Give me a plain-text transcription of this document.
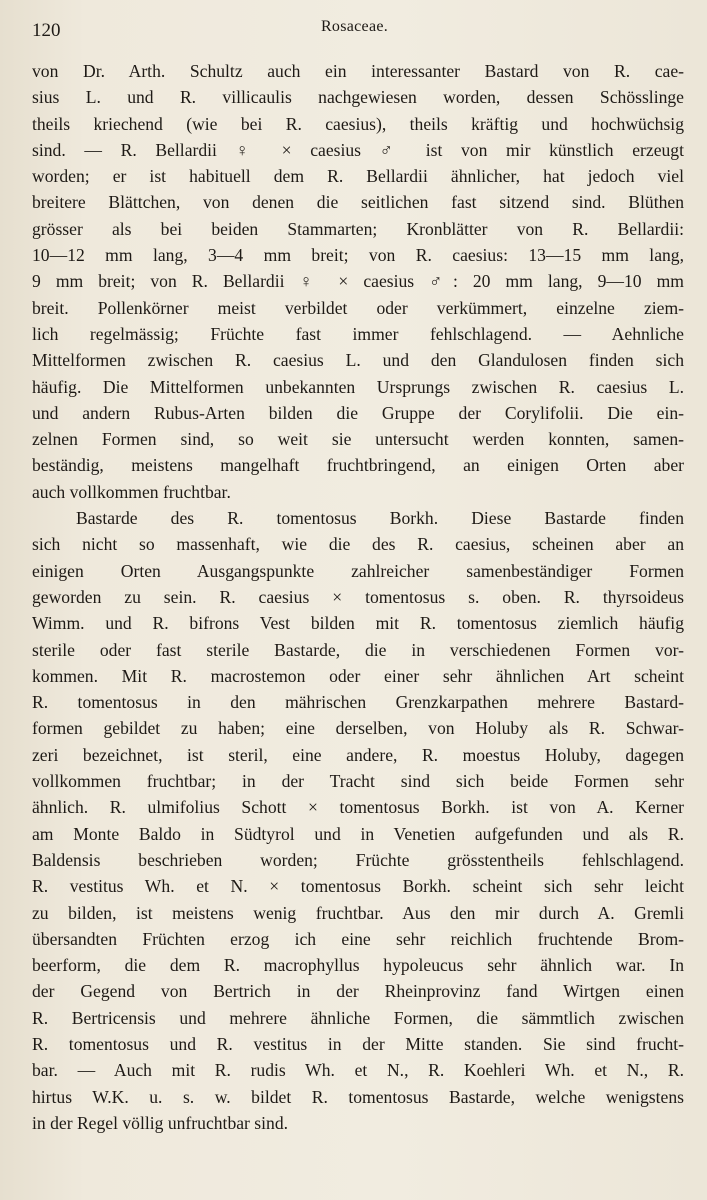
120	Rosaceae.
von Dr. Arth. Schultz auch ein interessanter Bastard von R. cae-
sius L. und R. villicaulis nachgewiesen worden, dessen Schösslinge
theils kriechend (wie bei R. caesius), theils kräftig und hochwüchsig
sind. — R. Bellardii ♀ × caesius ♂ ist von mir künstlich erzeugt
worden; er ist habituell dem R. Bellardii ähnlicher, hat jedoch viel
breitere Blättchen, von denen die seitlichen fast sitzend sind. Blüthen
grösser als bei beiden Stammarten; Kronblätter von R. Bellardii:
10—12 mm lang, 3—4 mm breit; von R. caesius: 13—15 mm lang,
9 mm breit; von R. Bellardii ♀ × caesius ♂: 20 mm lang, 9—10 mm
breit. Pollenkörner meist verbildet oder verkümmert, einzelne ziem-
lich regelmässig; Früchte fast immer fehlschlagend. — Aehnliche
Mittelformen zwischen R. caesius L. und den Glandulosen finden sich
häufig. Die Mittelformen unbekannten Ursprungs zwischen R. caesius L.
und andern Rubus-Arten bilden die Gruppe der Corylifolii. Die ein-
zelnen Formen sind, so weit sie untersucht werden konnten, samen-
beständig, meistens mangelhaft fruchtbringend, an einigen Orten aber
auch vollkommen fruchtbar.
Bastarde des R. tomentosus Borkh. Diese Bastarde finden
sich nicht so massenhaft, wie die des R. caesius, scheinen aber an
einigen Orten Ausgangspunkte zahlreicher samenbeständiger Formen
geworden zu sein. R. caesius × tomentosus s. oben. R. thyrsoideus
Wimm. und R. bifrons Vest bilden mit R. tomentosus ziemlich häufig
sterile oder fast sterile Bastarde, die in verschiedenen Formen vor-
kommen. Mit R. macrostemon oder einer sehr ähnlichen Art scheint
R. tomentosus in den mährischen Grenzkarpathen mehrere Bastard-
formen gebildet zu haben; eine derselben, von Holuby als R. Schwar-
zeri bezeichnet, ist steril, eine andere, R. moestus Holuby, dagegen
vollkommen fruchtbar; in der Tracht sind sich beide Formen sehr
ähnlich. R. ulmifolius Schott × tomentosus Borkh. ist von A. Kerner
am Monte Baldo in Südtyrol und in Venetien aufgefunden und als R.
Baldensis beschrieben worden; Früchte grösstentheils fehlschlagend.
R. vestitus Wh. et N. × tomentosus Borkh. scheint sich sehr leicht
zu bilden, ist meistens wenig fruchtbar. Aus den mir durch A. Gremli
übersandten Früchten erzog ich eine sehr reichlich fruchtende Brom-
beerform, die dem R. macrophyllus hypoleucus sehr ähnlich war. In
der Gegend von Bertrich in der Rheinprovinz fand Wirtgen einen
R. Bertricensis und mehrere ähnliche Formen, die sämmtlich zwischen
R. tomentosus und R. vestitus in der Mitte standen. Sie sind frucht-
bar. — Auch mit R. rudis Wh. et N., R. Koehleri Wh. et N., R.
hirtus W.K. u. s. w. bildet R. tomentosus Bastarde, welche wenigstens
in der Regel völlig unfruchtbar sind.
